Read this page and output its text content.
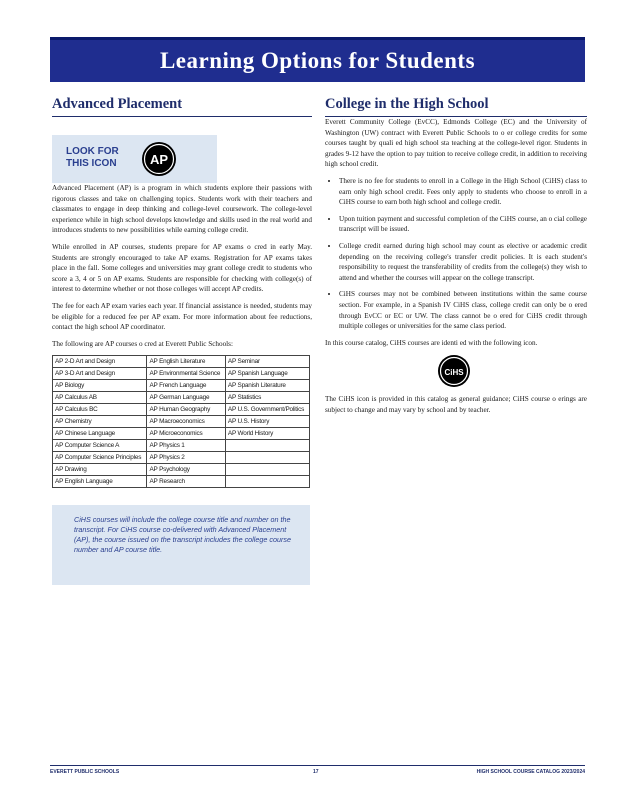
Learning Options for Students
Advanced Placement
LOOK FOR THIS ICON	AP

Advanced Placement (AP) is a program in which students explore their passions with rigorous classes and take on challenging topics. Students work with their teachers and classmates to engage in deep thinking and college-level coursework. The college-level experience while in high school develops knowledge and skills used in the real world and introduces students to new possibilities while earning college credit.

While enrolled in AP courses, students prepare for AP exams o cred in early May. Students are strongly encouraged to take AP exams. Registration for AP exams takes place in the fall. Some colleges and universities may grant college credit to students who score a 3, 4 or 5 on AP exams. Students are responsible for checking with college(s) of interest to determine whether or not those colleges will accept AP credits.

The fee for each AP exam varies each year. If financial assistance is needed, students may be eligible for a reduced fee per AP exam. For more information about fee reductions, contact the high school AP coordinator.

The following are AP courses o cred at Everett Public Schools:

AP 2-D Art and Design	AP English Literature	AP Seminar
AP 3-D Art and Design	AP Environmental Science	AP Spanish Language
AP Biology	AP French Language	AP Spanish Literature
AP Calculus AB	AP German Language	AP Statistics
AP Calculus BC	AP Human Geography	AP U.S. Government/Politics
AP Chemistry	AP Macroeconomics	AP U.S. History
AP Chinese Language	AP Microeconomics	AP World History
AP Computer Science A	AP Physics 1	
AP Computer Science Principles	AP Physics 2	
AP Drawing	AP Psychology	
AP English Language	AP Research	
CiHS courses will include the college course title and number on the transcript. For CiHS course co-delivered with Advanced Placement (AP), the course issued on the transcript includes the college course number and AP course title.
College in the High School

Everett Community College (EvCC), Edmonds College (EC) and the University of Washington (UW) contract with Everett Public Schools to o er college credits for some courses taught by quali ed high school sta teaching at the college-level rigor. Students in grades 9-12 have the option to pay tuition to receive college credit, in addition to receiving high school credit.

• There is no fee for students to enroll in a College in the High School (CiHS) class to earn only high school credit. Fees only apply to students who choose to enroll in a CiHS course to earn both high school and college credit.
• Upon tuition payment and successful completion of the CiHS course, an o cial college transcript will be issued.
• College credit earned during high school may count as elective or academic credit depending on the receiving college's transfer credit policies. It is each student's responsibility to request the transferability of credits from the college(s) they wish to attend and whether the courses will appear on the college transcript.
• CiHS courses may not be combined between institutions within the same course section. For example, in a Spanish IV CiHS class, college credit can only be o ered through EvCC or EC or UW. The class cannot be o ered for CiHS credit through multiple colleges or universities for the same class period.

In this course catalog, CiHS courses are identi ed with the following icon.

CiHS

The CiHS icon is provided in this catalog as general guidance; CiHS course o erings are subject to change and may vary by school and by teacher.

EVERETT PUBLIC SCHOOLS	17	HIGH SCHOOL COURSE CATALOG 2023/2024
